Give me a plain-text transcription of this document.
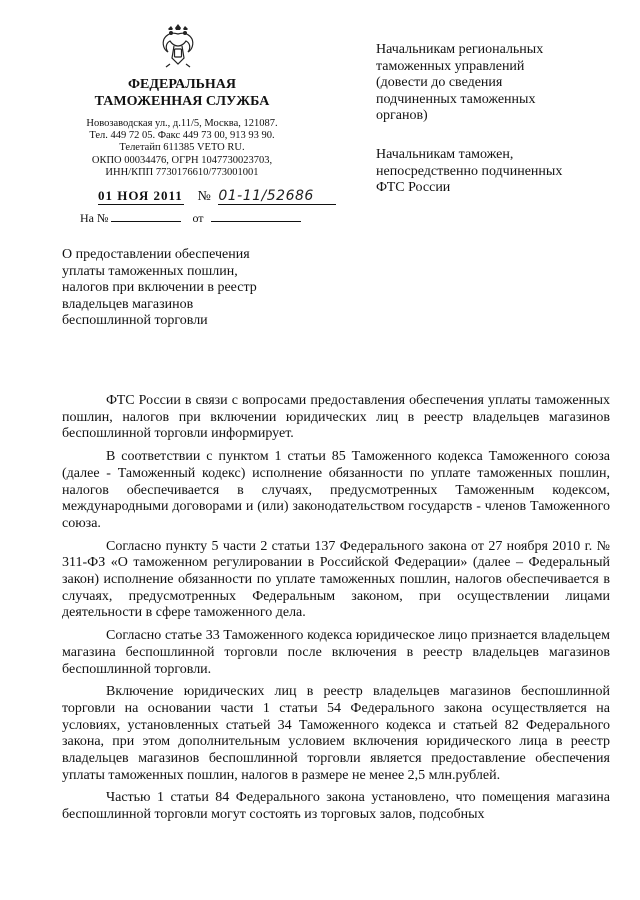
ФЕДЕРАЛЬНАЯ
ТАМОЖЕННАЯ СЛУЖБА
Новозаводская ул., д.11/5, Москва, 121087.
Тел. 449 72 05. Факс 449 73 00, 913 93 90.
Телетайп 611385 VETO RU.
ОКПО 00034476, ОГРН 1047730023703,
ИНН/КПП 7730176610/773001001
01 НОЯ 2011 № 01-11/52686
На №	от
Начальникам региональных
таможенных управлений
(довести до сведения
подчиненных таможенных
органов)
Начальникам таможен,
непосредственно подчиненных
ФТС России
О предоставлении обеспечения
уплаты таможенных пошлин,
налогов при включении в реестр
владельцев магазинов
беспошлинной торговли

ФТС России в связи с вопросами предоставления обеспечения уплаты таможенных пошлин, налогов при включении юридических лиц в реестр владельцев магазинов беспошлинной торговли информирует.

В соответствии с пунктом 1 статьи 85 Таможенного кодекса Таможенного союза (далее - Таможенный кодекс) исполнение обязанности по уплате таможенных пошлин, налогов обеспечивается в случаях, предусмотренных Таможенным кодексом, международными договорами и (или) законодательством государств - членов Таможенного союза.

Согласно пункту 5 части 2 статьи 137 Федерального закона от 27 ноября 2010 г. № 311-ФЗ «О таможенном регулировании в Российской Федерации» (далее – Федеральный закон) исполнение обязанности по уплате таможенных пошлин, налогов обеспечивается в случаях, предусмотренных Федеральным законом, при осуществлении лицами деятельности в сфере таможенного дела.

Согласно статье 33 Таможенного кодекса юридическое лицо признается владельцем магазина беспошлинной торговли после включения в реестр владельцев магазинов беспошлинной торговли.

Включение юридических лиц в реестр владельцев магазинов беспошлинной торговли на основании части 1 статьи 54 Федерального закона осуществляется на условиях, установленных статьей 34 Таможенного кодекса и статьей 82 Федерального закона, при этом дополнительным условием включения юридического лица в реестр владельцев магазинов беспошлинной торговли является предоставление обеспечения уплаты таможенных пошлин, налогов в размере не менее 2,5 млн.рублей.

Частью 1 статьи 84 Федерального закона установлено, что помещения магазина беспошлинной торговли могут состоять из торговых залов, подсобных
